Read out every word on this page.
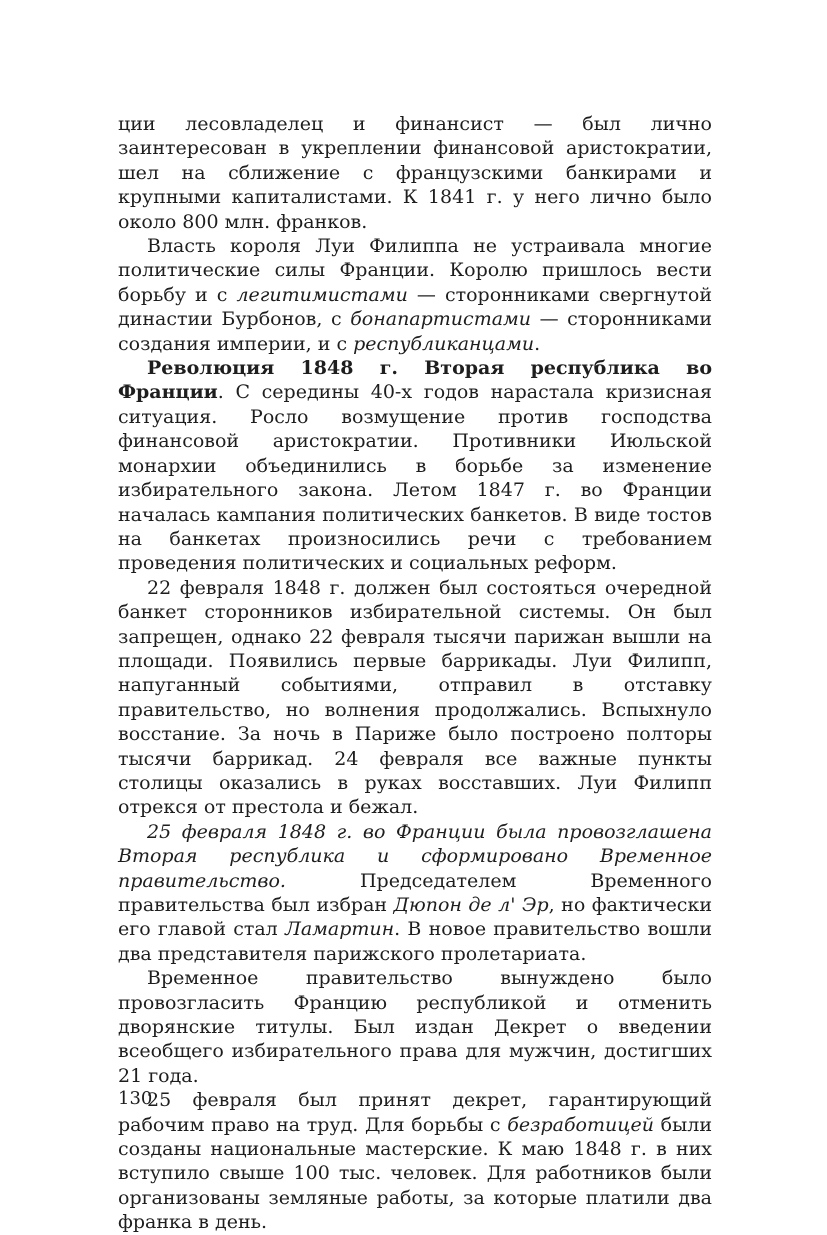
ции лесовладелец и финансист — был лично заинтересован в укреплении финансовой аристократии, шел на сближение с французскими банкирами и крупными капиталистами. К 1841 г. у него лично было около 800 млн. франков.

Власть короля Луи Филиппа не устраивала многие политические силы Франции. Королю пришлось вести борьбу и с легитимистами — сторонниками свергнутой династии Бурбонов, с бонапартистами — сторонниками создания империи, и с республиканцами.

Революция 1848 г. Вторая республика во Франции. С середины 40-х годов нарастала кризисная ситуация. Росло возмущение против господства финансовой аристократии. Противники Июльской монархии объединились в борьбе за изменение избирательного закона. Летом 1847 г. во Франции началась кампания политических банкетов. В виде тостов на банкетах произносились речи с требованием проведения политических и социальных реформ.

22 февраля 1848 г. должен был состояться очередной банкет сторонников избирательной системы. Он был запрещен, однако 22 февраля тысячи парижан вышли на площади. Появились первые баррикады. Луи Филипп, напуганный событиями, отправил в отставку правительство, но волнения продолжались. Вспыхнуло восстание. За ночь в Париже было построено полторы тысячи баррикад. 24 февраля все важные пункты столицы оказались в руках восставших. Луи Филипп отрекся от престола и бежал.

25 февраля 1848 г. во Франции была провозглашена Вторая республика и сформировано Временное правительство. Председателем Временного правительства был избран Дюпон де л' Эр, но фактически его главой стал Ламартин. В новое правительство вошли два представителя парижского пролетариата.

Временное правительство вынуждено было провозгласить Францию республикой и отменить дворянские титулы. Был издан Декрет о введении всеобщего избирательного права для мужчин, достигших 21 года.

25 февраля был принят декрет, гарантирующий рабочим право на труд. Для борьбы с безработицей были созданы национальные мастерские. К маю 1848 г. в них вступило свыше 100 тыс. человек. Для работников были организованы земляные работы, за которые платили два франка в день.

130
